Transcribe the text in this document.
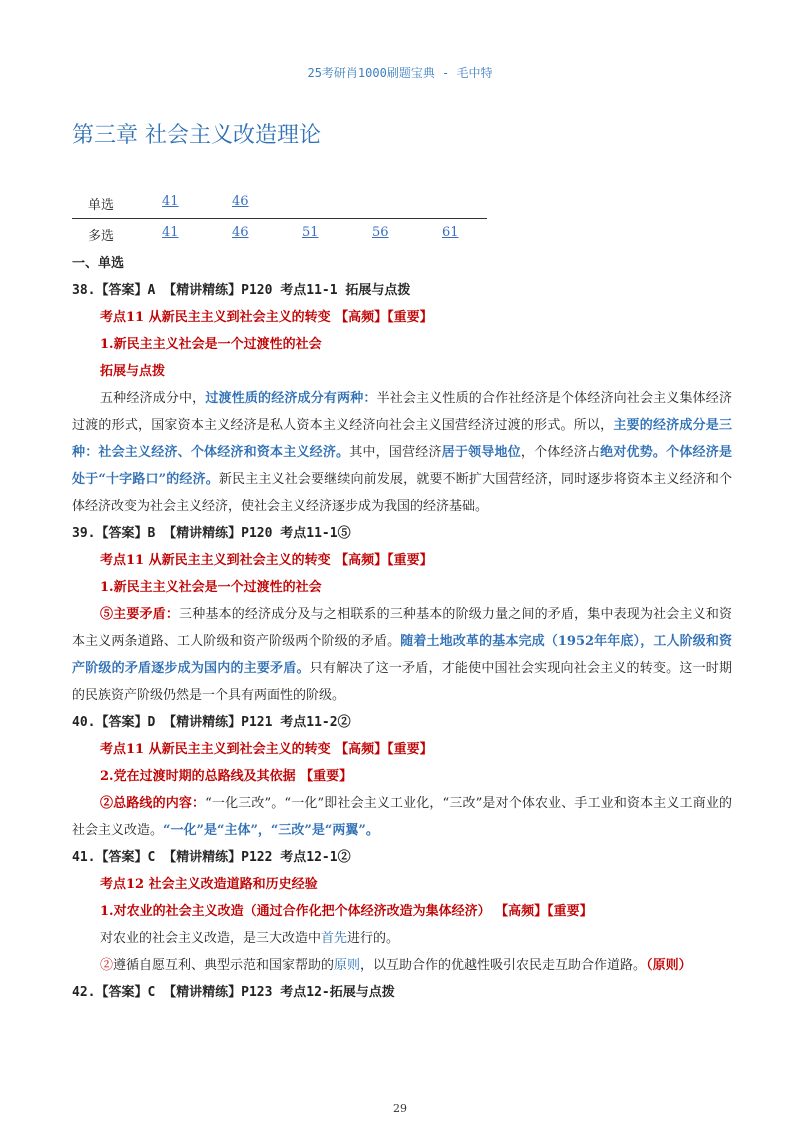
25考研肖1000刷题宝典 - 毛中特
第三章 社会主义改造理论
单选	41	46
多选	41	46	51	56	61
一、单选
38.【答案】A 【精讲精练】P120 考点11-1 拓展与点拨
考点11 从新民主主义到社会主义的转变 【高频】【重要】
1.新民主主义社会是一个过渡性的社会
拓展与点拨
五种经济成分中，过渡性质的经济成分有两种：半社会主义性质的合作社经济是个体经济向社会主义集体经济过渡的形式，国家资本主义经济是私人资本主义经济向社会主义国营经济过渡的形式。所以，主要的经济成分是三种：社会主义经济、个体经济和资本主义经济。其中，国营经济居于领导地位，个体经济占绝对优势。个体经济是处于“十字路口”的经济。新民主主义社会要继续向前发展，就要不断扩大国营经济，同时逐步将资本主义经济和个体经济改变为社会主义经济，使社会主义经济逐步成为我国的经济基础。
39.【答案】B 【精讲精练】P120 考点11-1⑤
考点11 从新民主主义到社会主义的转变 【高频】【重要】
1.新民主主义社会是一个过渡性的社会
⑤主要矛盾：三种基本的经济成分及与之相联系的三种基本的阶级力量之间的矛盾，集中表现为社会主义和资本主义两条道路、工人阶级和资产阶级两个阶级的矛盾。随着土地改革的基本完成（1952年年底），工人阶级和资产阶级的矛盾逐步成为国内的主要矛盾。只有解决了这一矛盾，才能使中国社会实现向社会主义的转变。这一时期的民族资产阶级仍然是一个具有两面性的阶级。
40.【答案】D 【精讲精练】P121 考点11-2②
考点11 从新民主主义到社会主义的转变 【高频】【重要】
2.党在过渡时期的总路线及其依据 【重要】
②总路线的内容：“一化三改”。“一化”即社会主义工业化，“三改”是对个体农业、手工业和资本主义工商业的社会主义改造。“一化”是“主体”，“三改”是“两翼”。
41.【答案】C 【精讲精练】P122 考点12-1②
考点12 社会主义改造道路和历史经验
1.对农业的社会主义改造（通过合作化把个体经济改造为集体经济） 【高频】【重要】
对农业的社会主义改造，是三大改造中首先进行的。
②遵循自愿互利、典型示范和国家帮助的原则，以互助合作的优越性吸引农民走互助合作道路。（原则）
42.【答案】C 【精讲精练】P123 考点12-拓展与点拨
29
